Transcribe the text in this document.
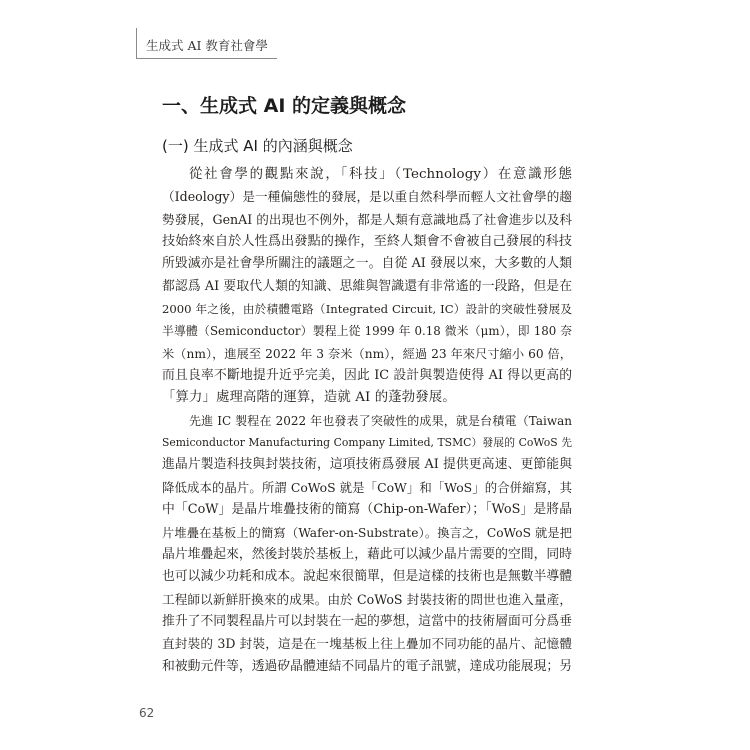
生成式 AI 教育社會學
一、生成式 AI 的定義與概念
(一) 生成式 AI 的內涵與概念
從社會學的觀點來說，「科技」（Technology）在意識形態
（Ideology）是一種偏態性的發展，是以重自然科學而輕人文社會學的趨
勢發展，GenAI 的出現也不例外，都是人類有意識地爲了社會進步以及科
技始終來自於人性爲出發點的操作，至終人類會不會被自己發展的科技
所毀滅亦是社會學所關注的議題之一。自從 AI 發展以來，大多數的人類
都認爲 AI 要取代人類的知識、思維與智識還有非常遙的一段路，但是在
2000 年之後，由於積體電路（Integrated Circuit, IC）設計的突破性發展及
半導體（Semiconductor）製程上從 1999 年 0.18 微米（μm），即 180 奈
米（nm），進展至 2022 年 3 奈米（nm），經過 23 年來尺寸縮小 60 倍，
而且良率不斷地提升近乎完美，因此 IC 設計與製造使得 AI 得以更高的
「算力」處理高階的運算，造就 AI 的蓬勃發展。
先進 IC 製程在 2022 年也發表了突破性的成果，就是台積電（Taiwan
Semiconductor Manufacturing Company Limited, TSMC）發展的 CoWoS 先
進晶片製造科技與封裝技術，這項技術爲發展 AI 提供更高速、更節能與
降低成本的晶片。所謂 CoWoS 就是「CoW」和「WoS」的合併縮寫，其
中「CoW」是晶片堆疊技術的簡寫（Chip-on-Wafer）；「WoS」是將晶
片堆疊在基板上的簡寫（Wafer-on-Substrate）。換言之，CoWoS 就是把
晶片堆疊起來，然後封裝於基板上，藉此可以減少晶片需要的空間，同時
也可以減少功耗和成本。說起來很簡單，但是這樣的技術也是無數半導體
工程師以新鮮肝換來的成果。由於 CoWoS 封裝技術的問世也進入量產，
推升了不同製程晶片可以封裝在一起的夢想，這當中的技術層面可分爲垂
直封裝的 3D 封裝，這是在一塊基板上往上疊加不同功能的晶片、記憶體
和被動元件等，透過矽晶體連結不同晶片的電子訊號，達成功能展現；另
62
